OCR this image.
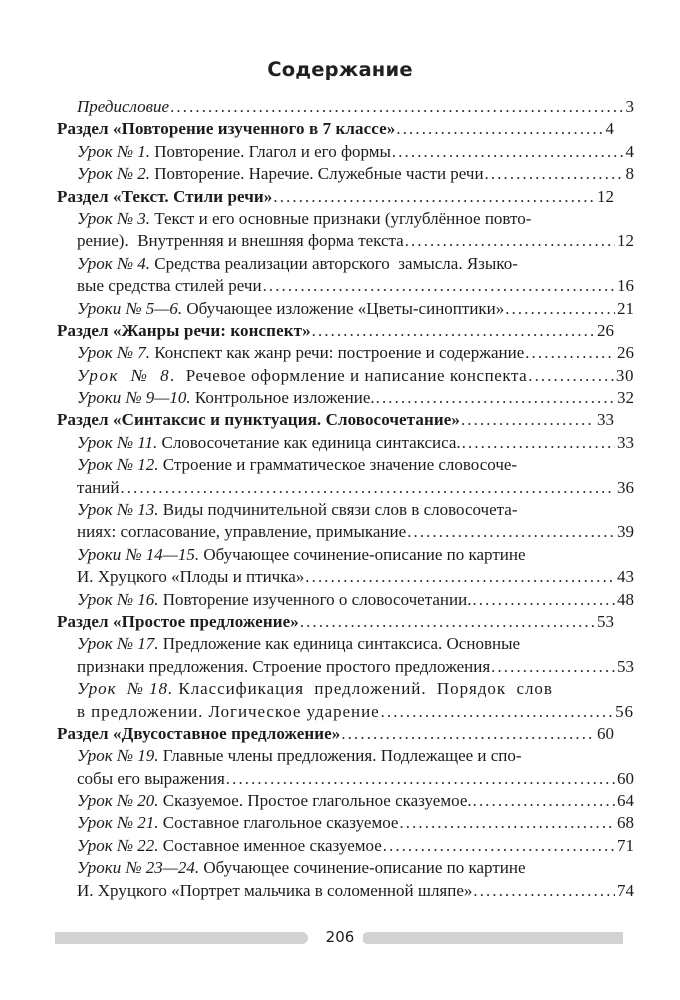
Содержание
Предисловие .....	3
Раздел «Повторение изученного в 7 классе» .....	4
Урок № 1. Повторение. Глагол и его формы .....	4
Урок № 2. Повторение. Наречие. Служебные части речи .....	8
Раздел «Текст. Стили речи» .....	12
Урок № 3. Текст и его основные признаки (углублённое повто-
рение).  Внутренняя и внешняя форма текста .....	12
Урок № 4. Средства реализации авторского  замысла. Языко-
вые средства стилей речи .....	16
Уроки № 5—6. Обучающее изложение «Цветы-синоптики» .....	21
Раздел «Жанры речи: конспект» .....	26
Урок № 7. Конспект как жанр речи: построение и содержание .....	26
Урок  №  8.  Речевое оформление и написание конспекта .....	30
Уроки № 9—10. Контрольное изложение. .....	32
Раздел «Синтаксис и пунктуация. Словосочетание» .....	33
Урок № 11. Словосочетание как единица синтаксиса. .....	33
Урок № 12. Строение и грамматическое значение словосоче-
таний .....	36
Урок № 13. Виды подчинительной связи слов в словосочета-
ниях: согласование, управление, примыкание .....	39
Уроки № 14—15. Обучающее сочинение-описание по картине
И. Хруцкого «Плоды и птичка» .....	43
Урок № 16. Повторение изученного о словосочетании. .....	48
Раздел «Простое предложение» .....	53
Урок № 17. Предложение как единица синтаксиса. Основные
признаки предложения. Строение простого предложения .....	53
Урок  № 18. Классификация  предложений.  Порядок  слов
в предложении. Логическое ударение .....	56
Раздел «Двусоставное предложение» .....	60
Урок № 19. Главные члены предложения. Подлежащее и спо-
собы его выражения .....	60
Урок № 20. Сказуемое. Простое глагольное сказуемое. .....	64
Урок № 21. Составное глагольное сказуемое .....	68
Урок № 22. Составное именное сказуемое .....	71
Уроки № 23—24. Обучающее сочинение-описание по картине
И. Хруцкого «Портрет мальчика в соломенной шляпе» .....	74
206
